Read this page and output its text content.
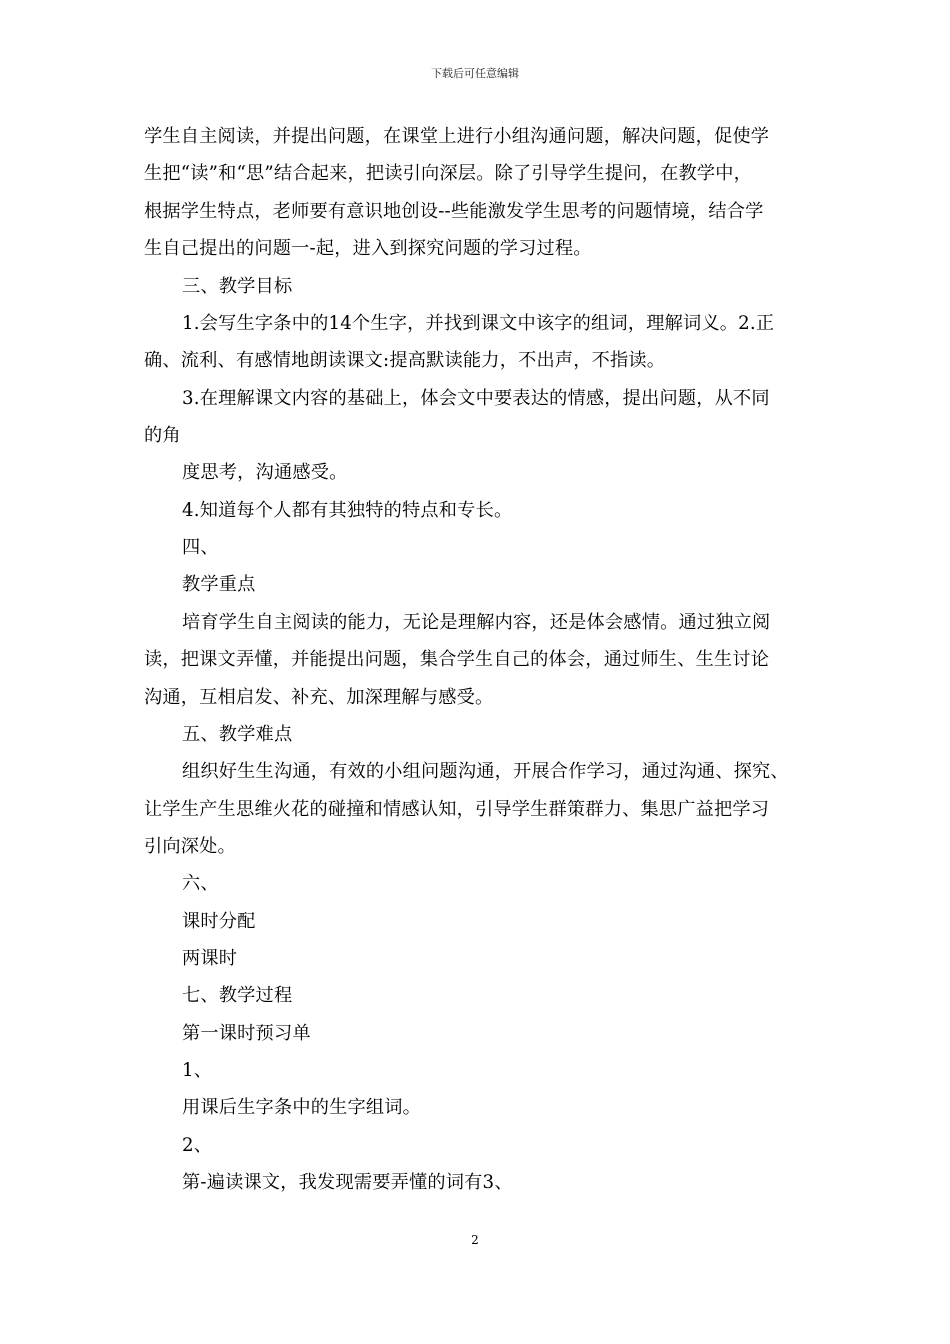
下载后可任意编辑
学生自主阅读，并提出问题，在课堂上进行小组沟通问题，解决问题，促使学
生把“读”和“思”结合起来，把读引向深层。除了引导学生提问，在教学中，
根据学生特点，老师要有意识地创设--些能激发学生思考的问题情境，结合学
生自己提出的问题一-起，进入到探究问题的学习过程。
三、教学目标
1.会写生字条中的14个生字，并找到课文中该字的组词，理解词义。2.正
确、流利、有感情地朗读课文:提高默读能力，不出声，不指读。
3.在理解课文内容的基础上，体会文中要表达的情感，提出问题，从不同
的角
度思考，沟通感受。
4.知道每个人都有其独特的特点和专长。
四、
教学重点
培育学生自主阅读的能力，无论是理解内容，还是体会感情。通过独立阅
读，把课文弄懂，并能提出问题，集合学生自己的体会，通过师生、生生讨论
沟通，互相启发、补充、加深理解与感受。
五、教学难点
组织好生生沟通，有效的小组问题沟通，开展合作学习，通过沟通、探究、
让学生产生思维火花的碰撞和情感认知，引导学生群策群力、集思广益把学习
引向深处。
六、
课时分配
两课时
七、教学过程
第一课时预习单
1、
用课后生字条中的生字组词。
2、
第-遍读课文，我发现需要弄懂的词有3、
2
